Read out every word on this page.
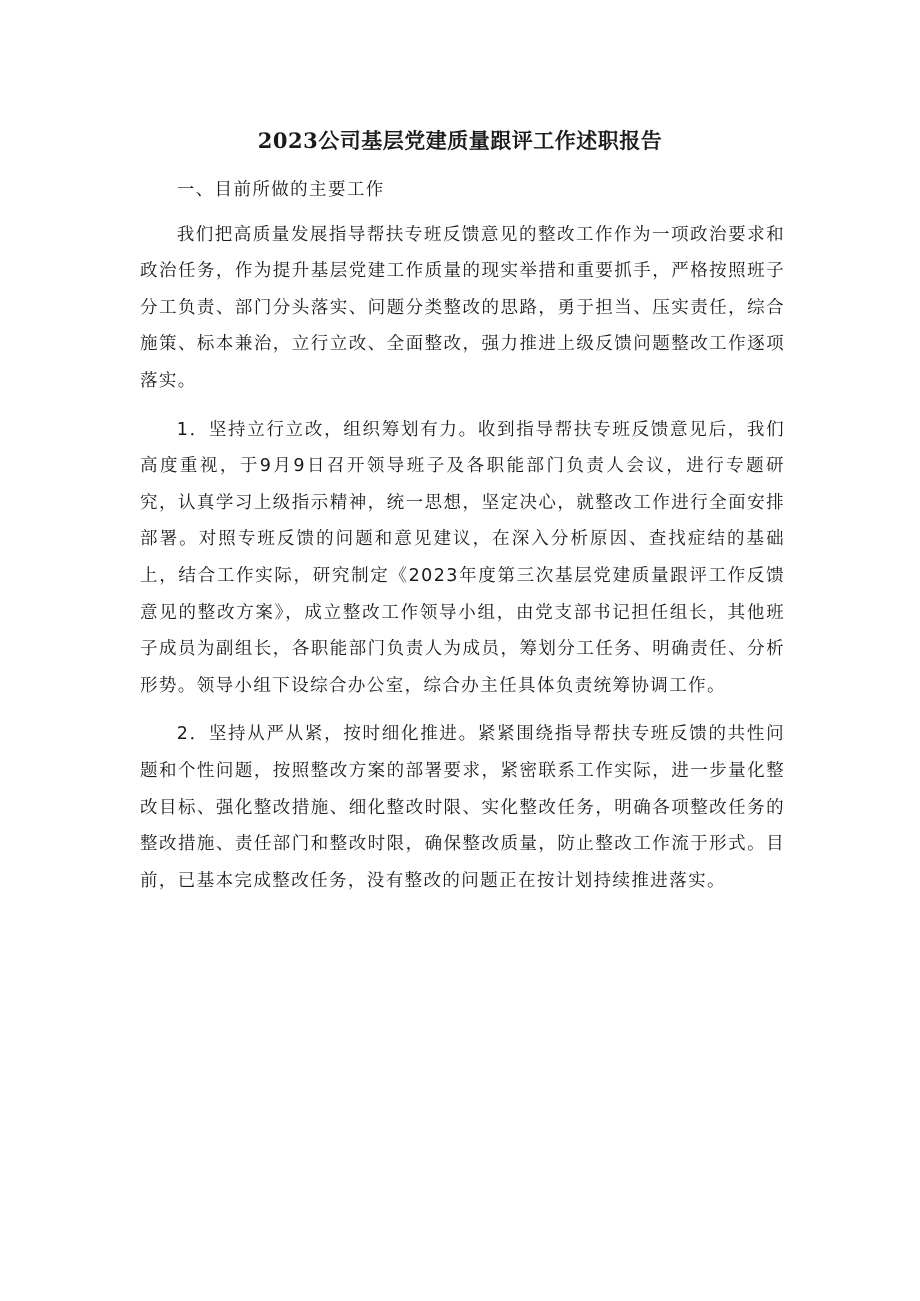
2023公司基层党建质量跟评工作述职报告

一、目前所做的主要工作

我们把高质量发展指导帮扶专班反馈意见的整改工作作为一项政治要求和政治任务，作为提升基层党建工作质量的现实举措和重要抓手，严格按照班子分工负责、部门分头落实、问题分类整改的思路，勇于担当、压实责任，综合施策、标本兼治，立行立改、全面整改，强力推进上级反馈问题整改工作逐项落实。

1．坚持立行立改，组织筹划有力。收到指导帮扶专班反馈意见后，我们高度重视，于9月9日召开领导班子及各职能部门负责人会议，进行专题研究，认真学习上级指示精神，统一思想，坚定决心，就整改工作进行全面安排部署。对照专班反馈的问题和意见建议，在深入分析原因、查找症结的基础上，结合工作实际，研究制定《2023年度第三次基层党建质量跟评工作反馈意见的整改方案》，成立整改工作领导小组，由党支部书记担任组长，其他班子成员为副组长，各职能部门负责人为成员，筹划分工任务、明确责任、分析形势。领导小组下设综合办公室，综合办主任具体负责统筹协调工作。

2．坚持从严从紧，按时细化推进。紧紧围绕指导帮扶专班反馈的共性问题和个性问题，按照整改方案的部署要求，紧密联系工作实际，进一步量化整改目标、强化整改措施、细化整改时限、实化整改任务，明确各项整改任务的整改措施、责任部门和整改时限，确保整改质量，防止整改工作流于形式。目前，已基本完成整改任务，没有整改的问题正在按计划持续推进落实。
